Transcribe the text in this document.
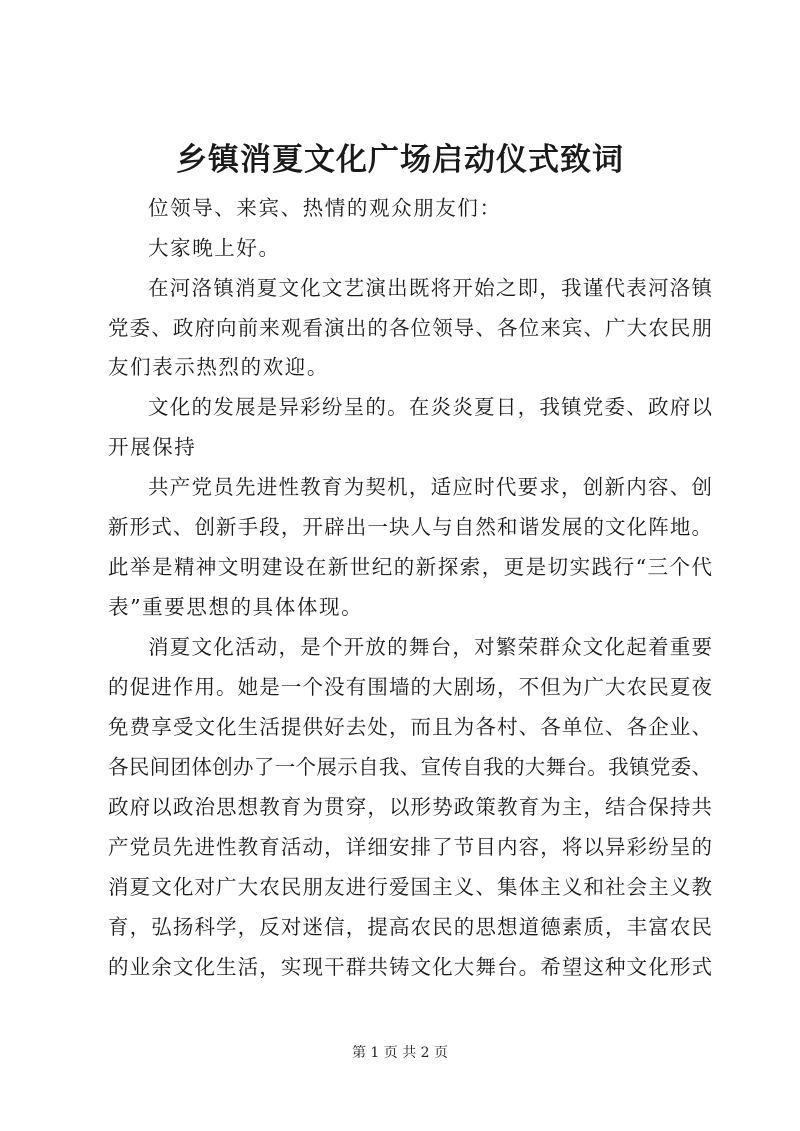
乡镇消夏文化广场启动仪式致词

位领导、来宾、热情的观众朋友们：

大家晚上好。

在河洛镇消夏文化文艺演出既将开始之即，我谨代表河洛镇

党委、政府向前来观看演出的各位领导、各位来宾、广大农民朋

友们表示热烈的欢迎。

文化的发展是异彩纷呈的。在炎炎夏日，我镇党委、政府以

开展保持

共产党员先进性教育为契机，适应时代要求，创新内容、创

新形式、创新手段，开辟出一块人与自然和谐发展的文化阵地。

此举是精神文明建设在新世纪的新探索，更是切实践行“三个代

表”重要思想的具体体现。

消夏文化活动，是个开放的舞台，对繁荣群众文化起着重要

的促进作用。她是一个没有围墙的大剧场，不但为广大农民夏夜

免费享受文化生活提供好去处，而且为各村、各单位、各企业、

各民间团体创办了一个展示自我、宣传自我的大舞台。我镇党委、

政府以政治思想教育为贯穿，以形势政策教育为主，结合保持共

产党员先进性教育活动，详细安排了节目内容，将以异彩纷呈的

消夏文化对广大农民朋友进行爱国主义、集体主义和社会主义教

育，弘扬科学，反对迷信，提高农民的思想道德素质，丰富农民

的业余文化生活，实现干群共铸文化大舞台。希望这种文化形式

第 1 页 共 2 页
